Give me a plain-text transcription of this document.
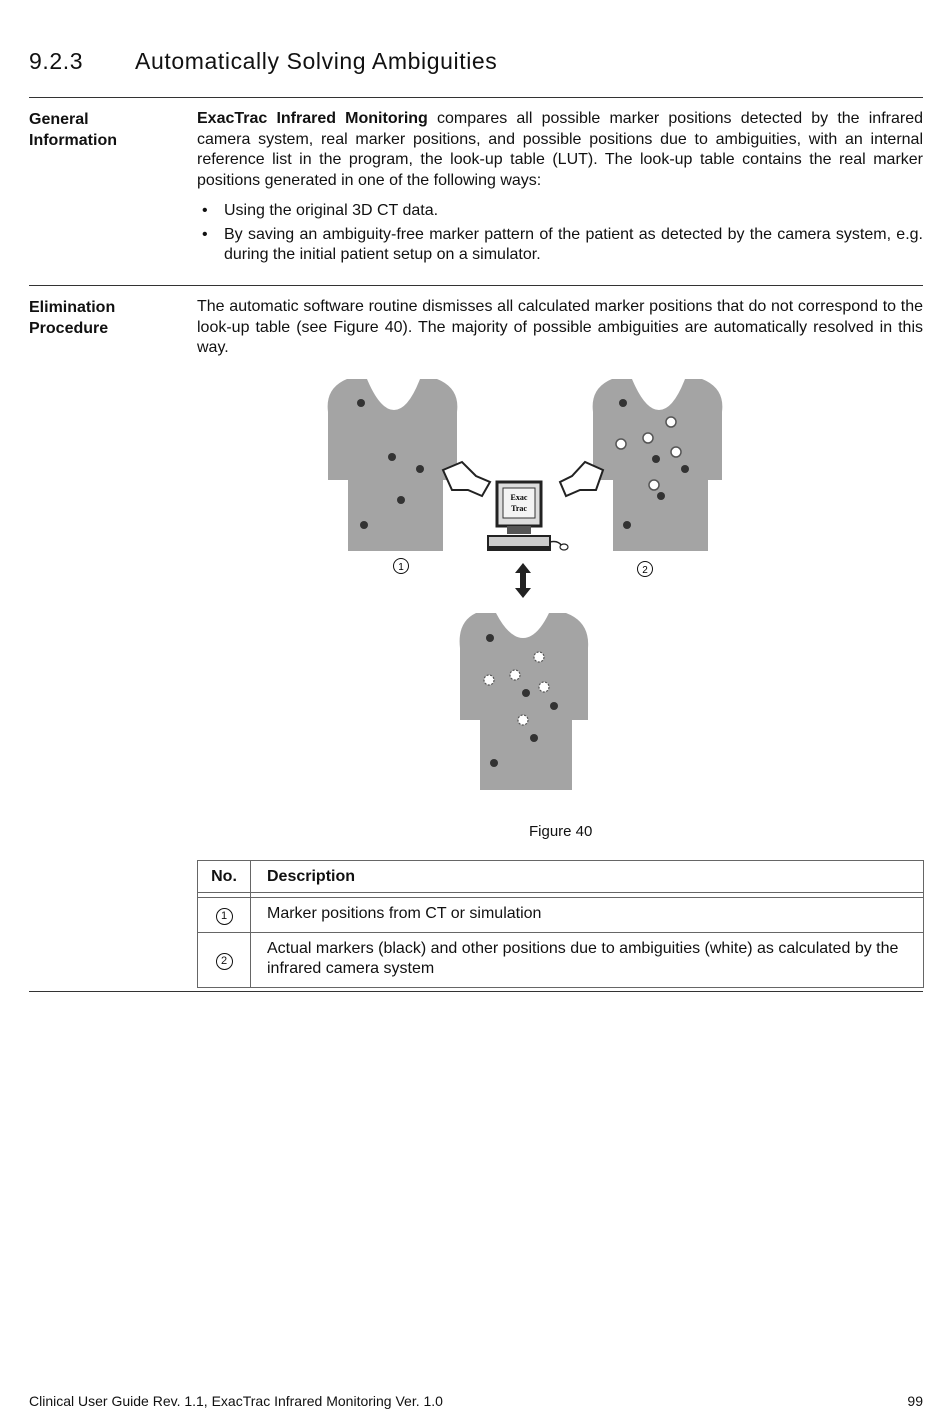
9.2.3	Automatically Solving Ambiguities
General
Information
ExacTrac Infrared Monitoring compares all possible marker positions detected by the infrared camera system, real marker positions, and possible positions due to ambiguities, with an internal reference list in the program, the look-up table (LUT). The look-up table contains the real marker positions generated in one of the following ways:
• Using the original 3D CT data.
• By saving an ambiguity-free marker pattern of the patient as detected by the camera system, e.g. during the initial patient setup on a simulator.
Elimination
Procedure
The automatic software routine dismisses all calculated marker positions that do not correspond to the look-up table (see Figure 40). The majority of possible ambiguities are automatically resolved in this way.
Exac
Trac
1	2
Figure 40
No.	Description

1	Marker positions from CT or simulation
2	Actual markers (black) and other positions due to ambiguities (white) as calculated by the infrared camera system
Clinical User Guide Rev. 1.1, ExacTrac Infrared Monitoring Ver. 1.0	99
